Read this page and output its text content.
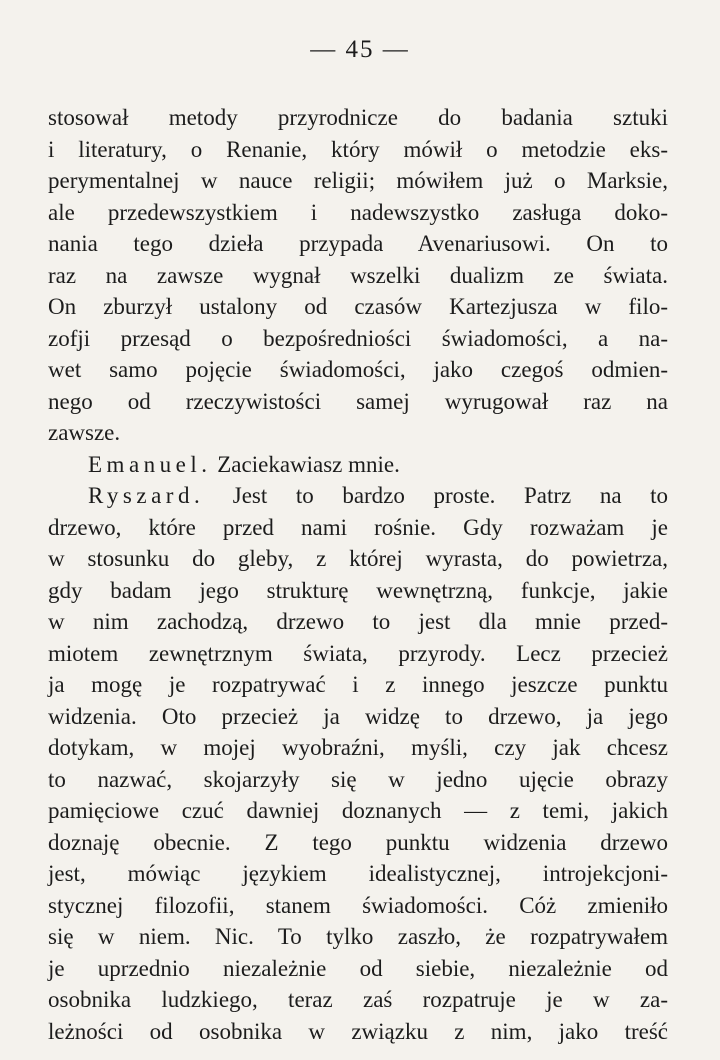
— 45 —
stosował metody przyrodnicze do badania sztuki
i literatury, o Renanie, który mówił o metodzie eks-
perymentalnej w nauce religii; mówiłem już o Marksie,
ale przedewszystkiem i nadewszystko zasługa doko-
nania tego dzieła przypada Avenariusowi. On to
raz na zawsze wygnał wszelki dualizm ze świata.
On zburzył ustalony od czasów Kartezjusza w filo-
zofji przesąd o bezpośredniości świadomości, a na-
wet samo pojęcie świadomości, jako czegoś odmien-
nego od rzeczywistości samej wyrugował raz na
zawsze.
Emanuel. Zaciekawiasz mnie.
Ryszard. Jest to bardzo proste. Patrz na to
drzewo, które przed nami rośnie. Gdy rozważam je
w stosunku do gleby, z której wyrasta, do powietrza,
gdy badam jego strukturę wewnętrzną, funkcje, jakie
w nim zachodzą, drzewo to jest dla mnie przed-
miotem zewnętrznym świata, przyrody. Lecz przecież
ja mogę je rozpatrywać i z innego jeszcze punktu
widzenia. Oto przecież ja widzę to drzewo, ja jego
dotykam, w mojej wyobraźni, myśli, czy jak chcesz
to nazwać, skojarzyły się w jedno ujęcie obrazy
pamięciowe czuć dawniej doznanych — z temi, jakich
doznaję obecnie. Z tego punktu widzenia drzewo
jest, mówiąc językiem idealistycznej, introjekcjoni-
stycznej filozofii, stanem świadomości. Cóż zmieniło
się w niem. Nic. To tylko zaszło, że rozpatrywałem
je uprzednio niezależnie od siebie, niezależnie od
osobnika ludzkiego, teraz zaś rozpatruje je w za-
leżności od osobnika w związku z nim, jako treść
